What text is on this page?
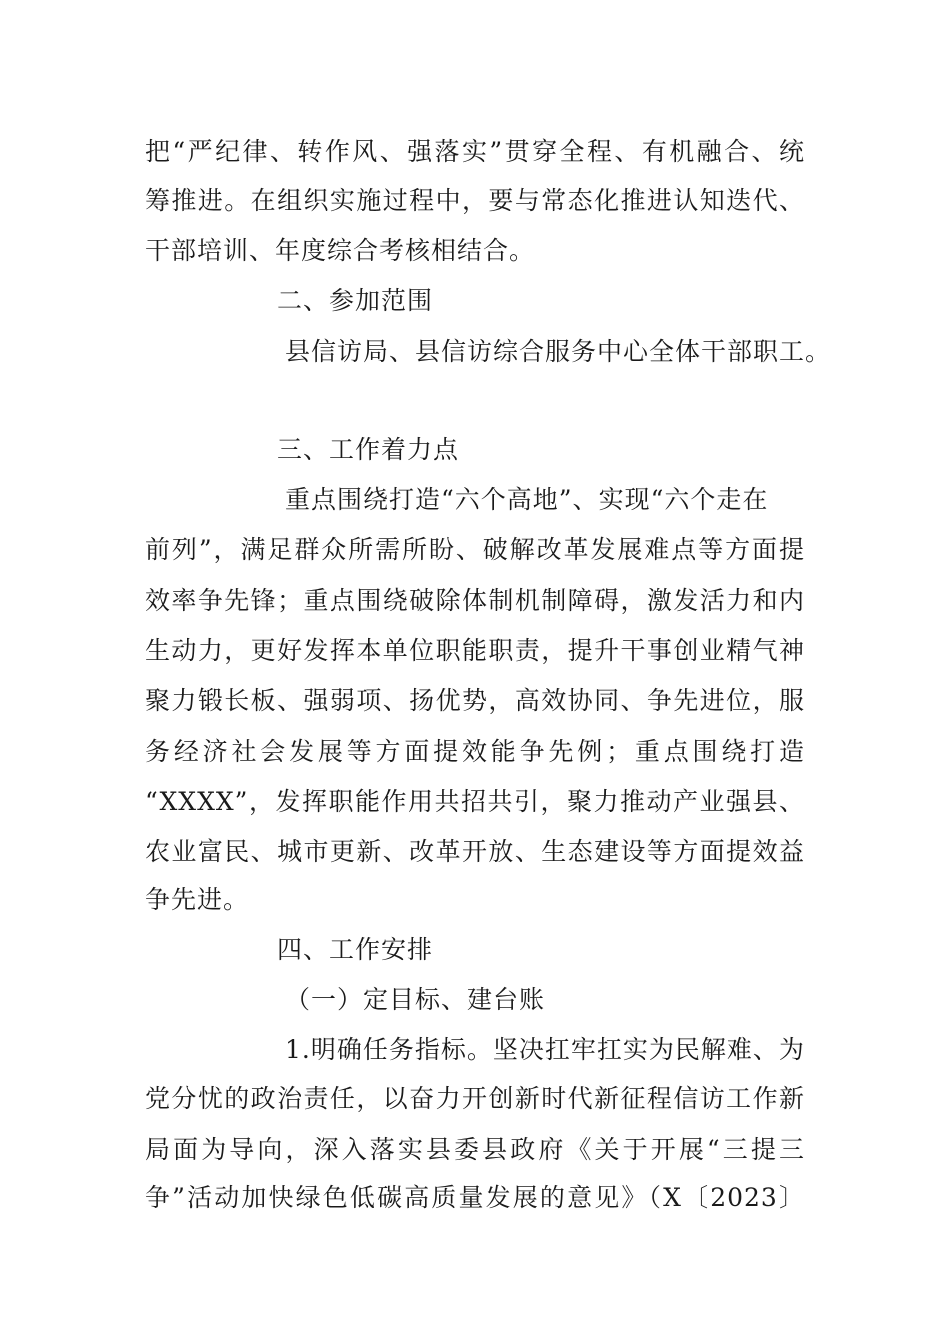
把“严纪律、转作风、强落实”贯穿全程、有机融合、统
筹推进。在组织实施过程中，要与常态化推进认知迭代、
干部培训、年度综合考核相结合。
二、参加范围
县信访局、县信访综合服务中心全体干部职工。
三、工作着力点
重点围绕打造“六个高地”、实现“六个走在
前列”，满足群众所需所盼、破解改革发展难点等方面提
效率争先锋；重点围绕破除体制机制障碍，激发活力和内
生动力，更好发挥本单位职能职责，提升干事创业精气神
聚力锻长板、强弱项、扬优势，高效协同、争先进位，服
务经济社会发展等方面提效能争先例；重点围绕打造
“XXXX”，发挥职能作用共招共引，聚力推动产业强县、
农业富民、城市更新、改革开放、生态建设等方面提效益
争先进。
四、工作安排
（一）定目标、建台账
1.明确任务指标。坚决扛牢扛实为民解难、为
党分忧的政治责任，以奋力开创新时代新征程信访工作新
局面为导向，深入落实县委县政府《关于开展“三提三
争”活动加快绿色低碳高质量发展的意见》（X〔2023〕
